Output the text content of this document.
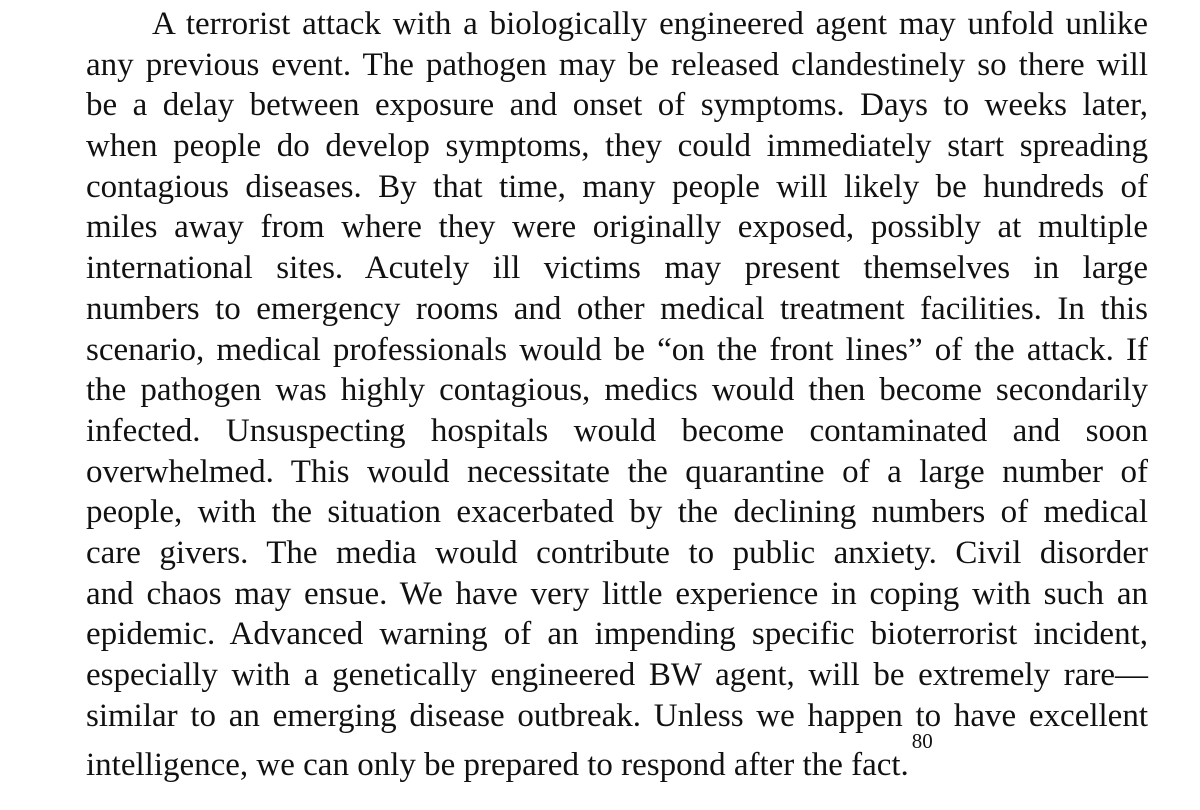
A terrorist attack with a biologically engineered agent may unfold unlike
any previous event. The pathogen may be released clandestinely so there will
be a delay between exposure and onset of symptoms. Days to weeks later,
when people do develop symptoms, they could immediately start spreading
contagious diseases. By that time, many people will likely be hundreds of
miles away from where they were originally exposed, possibly at multiple
international sites. Acutely ill victims may present themselves in large
numbers to emergency rooms and other medical treatment facilities. In this
scenario, medical professionals would be “on the front lines” of the attack. If
the pathogen was highly contagious, medics would then become secondarily
infected. Unsuspecting hospitals would become contaminated and soon
overwhelmed. This would necessitate the quarantine of a large number of
people, with the situation exacerbated by the declining numbers of medical
care givers. The media would contribute to public anxiety. Civil disorder
and chaos may ensue. We have very little experience in coping with such an
epidemic. Advanced warning of an impending specific bioterrorist incident,
especially with a genetically engineered BW agent, will be extremely rare—
similar to an emerging disease outbreak. Unless we happen to have excellent
intelligence, we can only be prepared to respond after the fact.$^{80}$
